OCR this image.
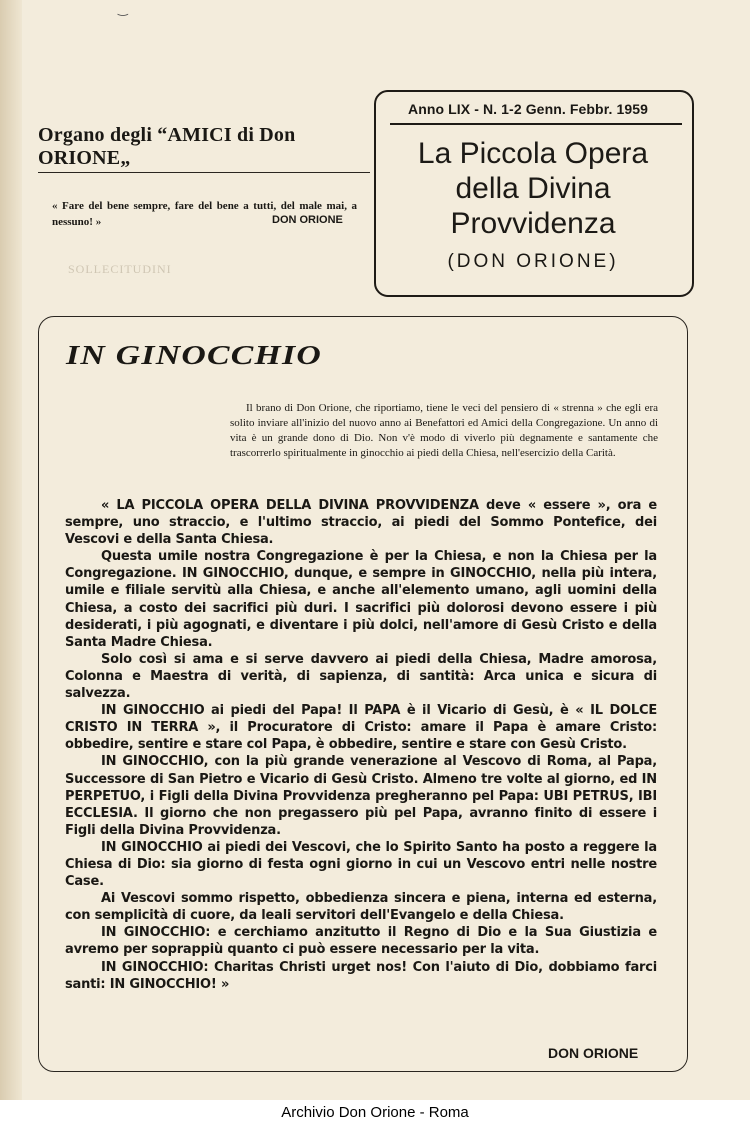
‿
SOLLECITUDINI
Organo degli “AMICI di Don ORIONE„
« Fare del bene sempre, fare del bene a tutti, del male mai, a nessuno! »	DON ORIONE
Anno LIX - N. 1-2 Genn. Febbr. 1959
La Piccola Opera
della Divina
Provvidenza
(DON ORIONE)
IN GINOCCHIO

Il brano di Don Orione, che riportiamo, tiene le veci del pensiero di « strenna » che egli era solito inviare all'inizio del nuovo anno ai Benefattori ed Amici della Congregazione. Un anno di vita è un grande dono di Dio. Non v'è modo di viverlo più degnamente e santamente che trascorrerlo spiritualmente in ginocchio ai piedi della Chiesa, nell'esercizio della Carità.

« LA PICCOLA OPERA DELLA DIVINA PROVVIDENZA deve « essere », ora e sempre, uno straccio, e l'ultimo straccio, ai piedi del Sommo Pontefice, dei Vescovi e della Santa Chiesa.

Questa umile nostra Congregazione è per la Chiesa, e non la Chiesa per la Congregazione. IN GINOCCHIO, dunque, e sempre in GINOCCHIO, nella più intera, umile e filiale servitù alla Chiesa, e anche all'elemento umano, agli uomini della Chiesa, a costo dei sacrifici più duri. I sacrifici più dolorosi devono essere i più desiderati, i più agognati, e diventare i più dolci, nell'amore di Gesù Cristo e della Santa Madre Chiesa.

Solo così si ama e si serve davvero ai piedi della Chiesa, Madre amorosa, Colonna e Maestra di verità, di sapienza, di santità: Arca unica e sicura di salvezza.

IN GINOCCHIO ai piedi del Papa! Il PAPA è il Vicario di Gesù, è « IL DOLCE CRISTO IN TERRA », il Procuratore di Cristo: amare il Papa è amare Cristo: obbedire, sentire e stare col Papa, è obbedire, sentire e stare con Gesù Cristo.

IN GINOCCHIO, con la più grande venerazione al Vescovo di Roma, al Papa, Successore di San Pietro e Vicario di Gesù Cristo. Almeno tre volte al giorno, ed IN PERPETUO, i Figli della Divina Provvidenza pregheranno pel Papa: UBI PETRUS, IBI ECCLESIA. Il giorno che non pregassero più pel Papa, avranno finito di essere i Figli della Divina Provvidenza.

IN GINOCCHIO ai piedi dei Vescovi, che lo Spirito Santo ha posto a reggere la Chiesa di Dio: sia giorno di festa ogni giorno in cui un Vescovo entri nelle nostre Case.

Ai Vescovi sommo rispetto, obbedienza sincera e piena, interna ed esterna, con semplicità di cuore, da leali servitori dell'Evangelo e della Chiesa.

IN GINOCCHIO: e cerchiamo anzitutto il Regno di Dio e la Sua Giustizia e avremo per soprappiù quanto ci può essere necessario per la vita.

IN GINOCCHIO: Charitas Christi urget nos! Con l'aiuto di Dio, dobbiamo farci santi: IN GINOCCHIO! »

DON ORIONE
Archivio Don Orione - Roma
